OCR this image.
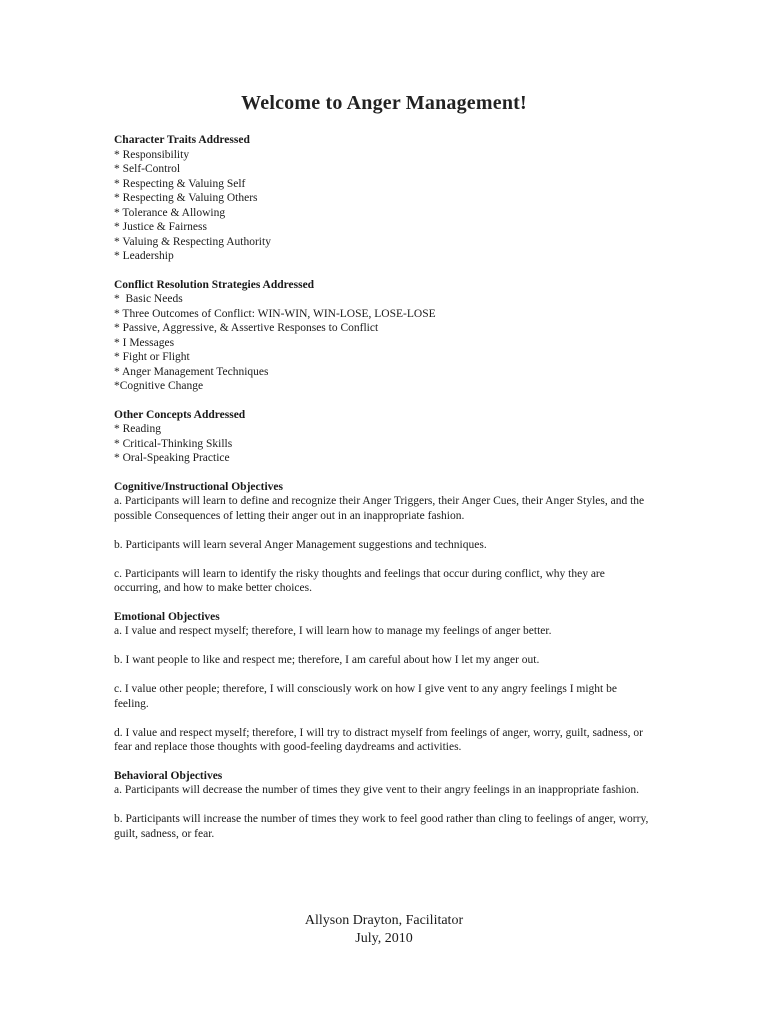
Welcome to Anger Management!

Character Traits Addressed

* Responsibility
* Self-Control
* Respecting & Valuing Self
* Respecting & Valuing Others
* Tolerance & Allowing
* Justice & Fairness
* Valuing & Respecting Authority
* Leadership

Conflict Resolution Strategies Addressed

*  Basic Needs
* Three Outcomes of Conflict: WIN-WIN, WIN-LOSE, LOSE-LOSE
* Passive, Aggressive, & Assertive Responses to Conflict
* I Messages
* Fight or Flight
* Anger Management Techniques
*Cognitive Change

Other Concepts Addressed

* Reading
* Critical-Thinking Skills
* Oral-Speaking Practice

Cognitive/Instructional Objectives

a. Participants will learn to define and recognize their Anger Triggers, their Anger Cues, their Anger Styles, and the possible Consequences of letting their anger out in an inappropriate fashion.

b. Participants will learn several Anger Management suggestions and techniques.

c. Participants will learn to identify the risky thoughts and feelings that occur during conflict, why they are occurring, and how to make better choices.

Emotional Objectives

a. I value and respect myself; therefore, I will learn how to manage my feelings of anger better.

b. I want people to like and respect me; therefore, I am careful about how I let my anger out.

c. I value other people; therefore, I will consciously work on how I give vent to any angry feelings I might be feeling.

d. I value and respect myself; therefore, I will try to distract myself from feelings of anger, worry, guilt, sadness, or fear and replace those thoughts with good-feeling daydreams and activities.

Behavioral Objectives

a. Participants will decrease the number of times they give vent to their angry feelings in an inappropriate fashion.

b. Participants will increase the number of times they work to feel good rather than cling to feelings of anger, worry, guilt, sadness, or fear.

Allyson Drayton, Facilitator
July, 2010
